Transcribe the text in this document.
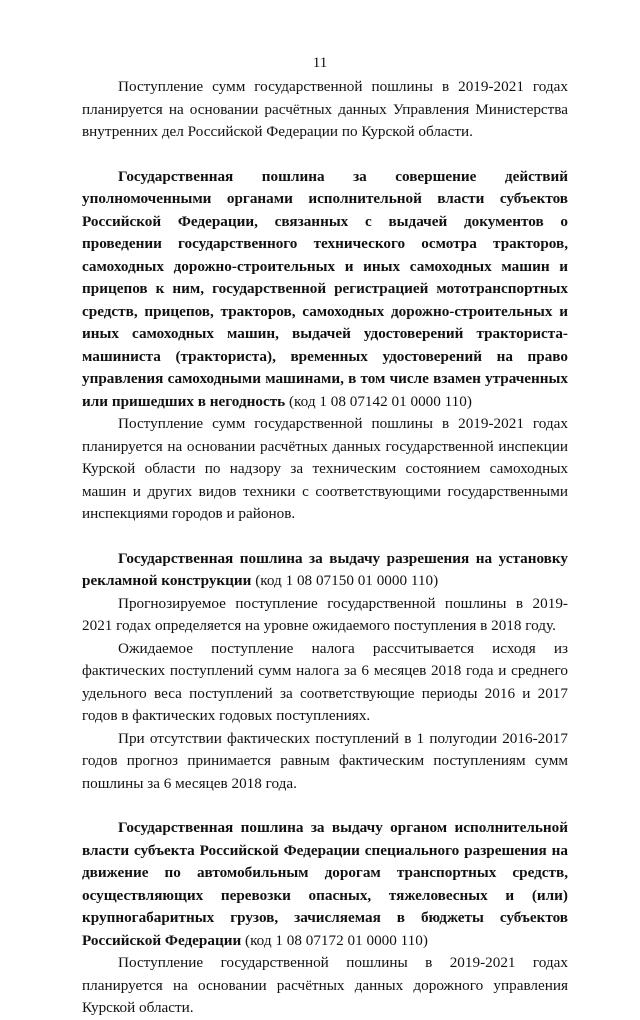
11

Поступление сумм государственной пошлины в 2019-2021 годах планируется на основании расчётных данных Управления Министерства внутренних дел Российской Федерации по Курской области.

Государственная пошлина за совершение действий уполномоченными органами исполнительной власти субъектов Российской Федерации, связанных с выдачей документов о проведении государственного технического осмотра тракторов, самоходных дорожно-строительных и иных самоходных машин и прицепов к ним, государственной регистрацией мототранспортных средств, прицепов, тракторов, самоходных дорожно-строительных и иных самоходных машин, выдачей удостоверений тракториста-машиниста (тракториста), временных удостоверений на право управления самоходными машинами, в том числе взамен утраченных или пришедших в негодность (код 1 08 07142 01 0000 110)

Поступление сумм государственной пошлины в 2019-2021 годах планируется на основании расчётных данных государственной инспекции Курской области по надзору за техническим состоянием самоходных машин и других видов техники с соответствующими государственными инспекциями городов и районов.

Государственная пошлина за выдачу разрешения на установку рекламной конструкции (код 1 08 07150 01 0000 110)

Прогнозируемое поступление государственной пошлины в 2019-2021 годах определяется на уровне ожидаемого поступления в 2018 году.

Ожидаемое поступление налога рассчитывается исходя из фактических поступлений сумм налога за 6 месяцев 2018 года и среднего удельного веса поступлений за соответствующие периоды 2016 и 2017 годов в фактических годовых поступлениях.

При отсутствии фактических поступлений в 1 полугодии 2016-2017 годов прогноз принимается равным фактическим поступлениям сумм пошлины за 6 месяцев 2018 года.

Государственная пошлина за выдачу органом исполнительной власти субъекта Российской Федерации специального разрешения на движение по автомобильным дорогам транспортных средств, осуществляющих перевозки опасных, тяжеловесных и (или) крупногабаритных грузов, зачисляемая в бюджеты субъектов Российской Федерации (код 1 08 07172 01 0000 110)

Поступление государственной пошлины в 2019-2021 годах планируется на основании расчётных данных дорожного управления Курской области.
